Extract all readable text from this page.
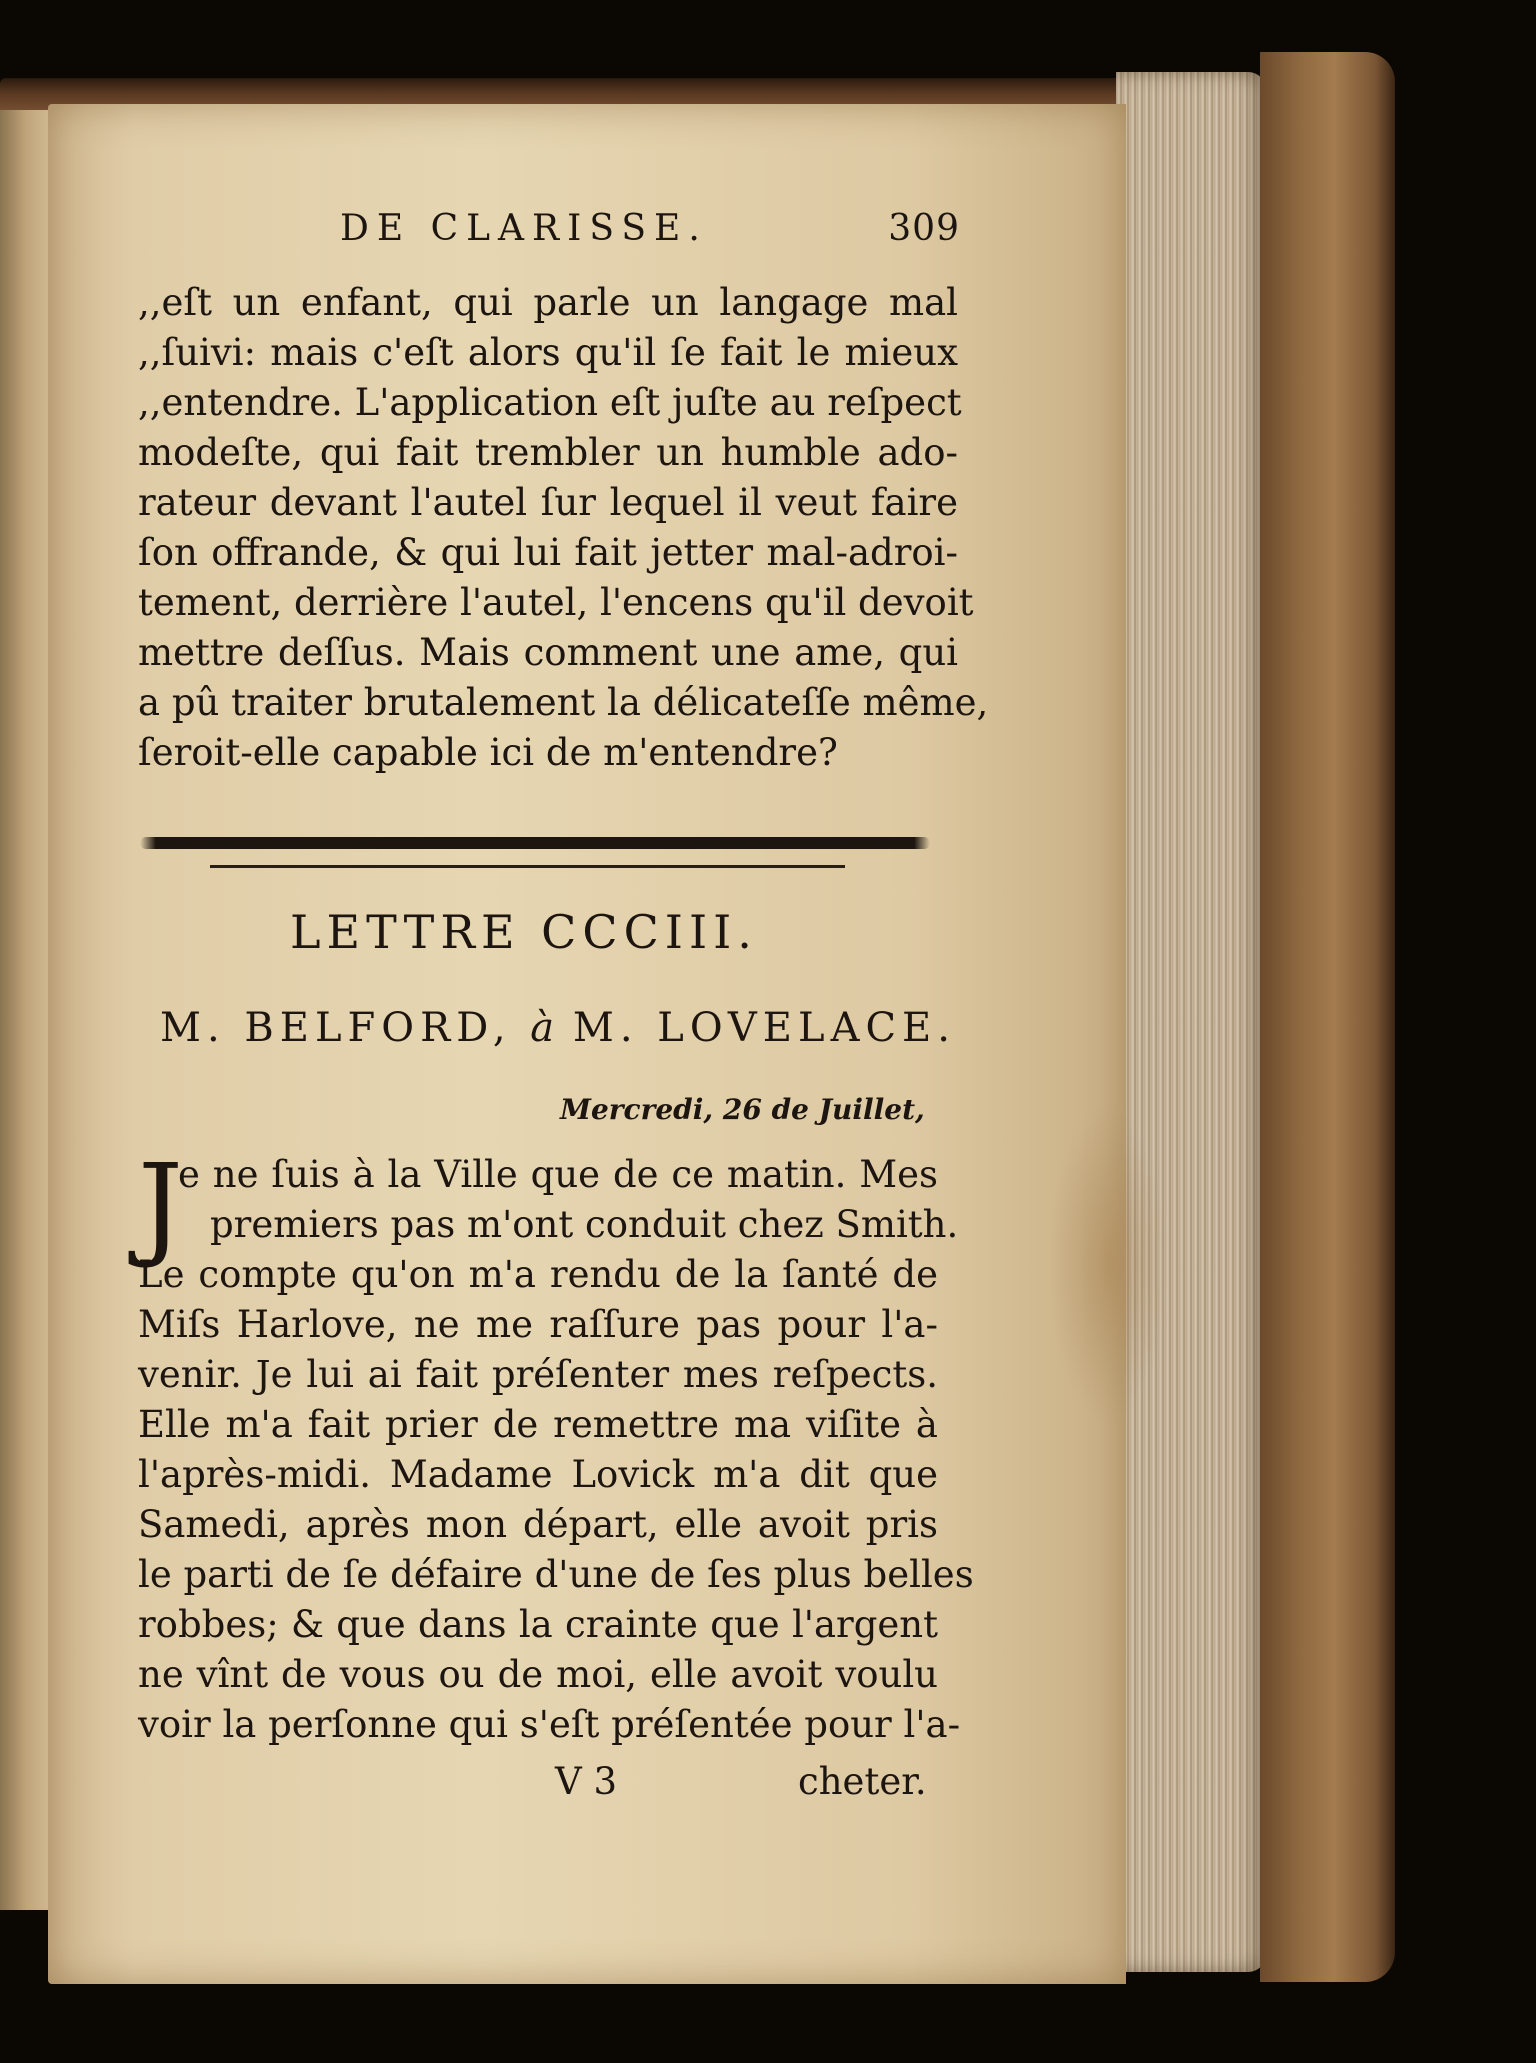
DE CLARISSE.	309
,,eſt un enfant, qui parle un langage mal
,,ſuivi: mais c'eſt alors qu'il ſe fait le mieux
,,entendre. L'application eſt juſte au reſpect
modeſte, qui fait trembler un humble ado-
rateur devant l'autel ſur lequel il veut faire
ſon offrande, & qui lui fait jetter mal-adroi-
tement, derrière l'autel, l'encens qu'il devoit
mettre deſſus. Mais comment une ame, qui
a pû traiter brutalement la délicateſſe même,
ſeroit-elle capable ici de m'entendre?
LETTRE CCCIII.
M. BELFORD, à M. LOVELACE.
Mercredi, 26 de Juillet,
J
e ne ſuis à la Ville que de ce matin. Mes
premiers pas m'ont conduit chez Smith.
Le compte qu'on m'a rendu de la ſanté de
Miſs Harlove, ne me raſſure pas pour l'a-
venir. Je lui ai fait préſenter mes reſpects.
Elle m'a fait prier de remettre ma viſite à
l'après-midi. Madame Lovick m'a dit que
Samedi, après mon départ, elle avoit pris
le parti de ſe défaire d'une de ſes plus belles
robbes; & que dans la crainte que l'argent
ne vînt de vous ou de moi, elle avoit voulu
voir la perſonne qui s'eſt préſentée pour l'a-
V 3	cheter.
